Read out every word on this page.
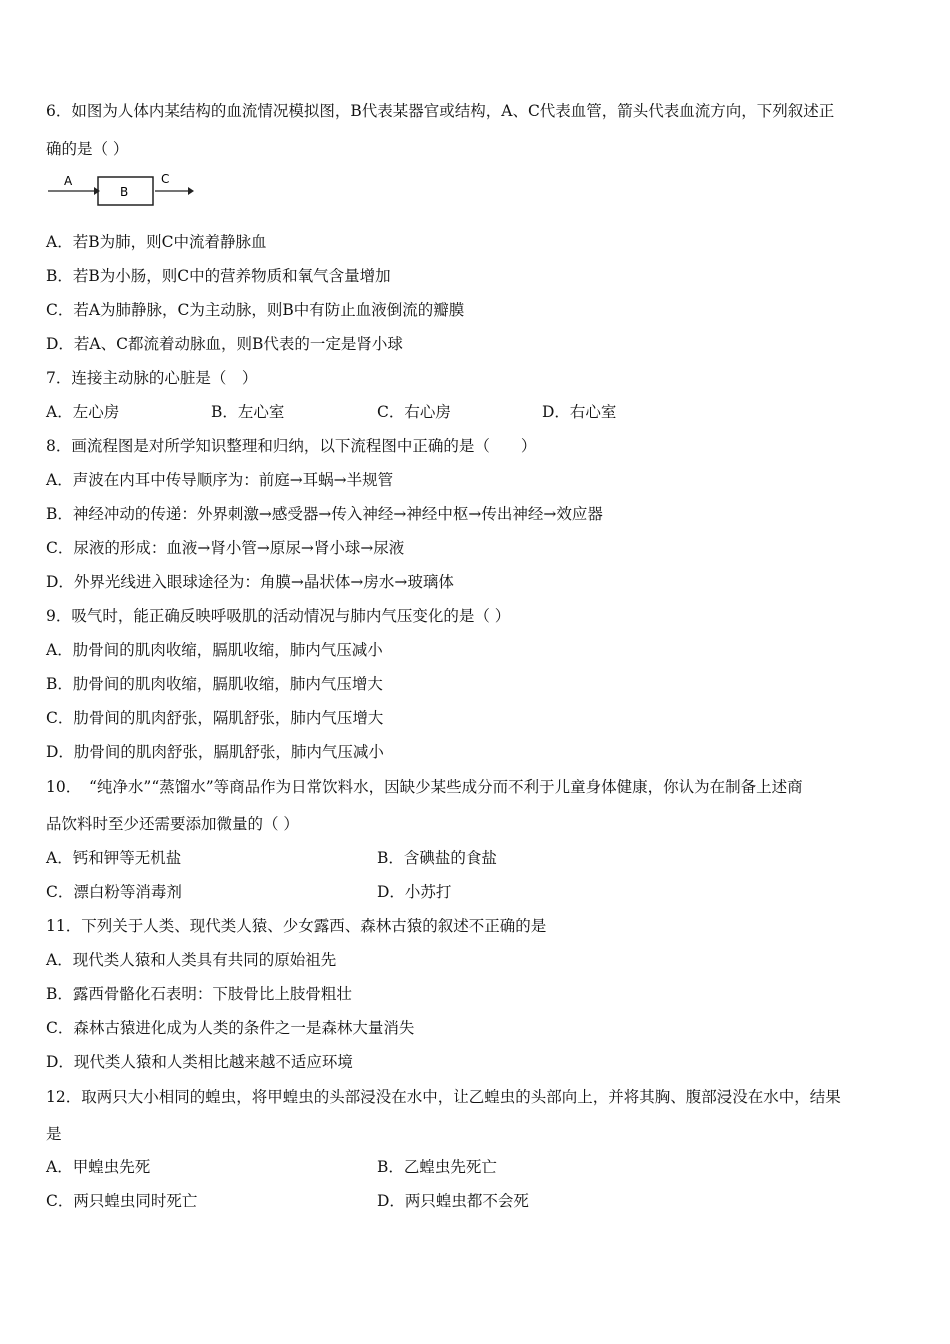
6．如图为人体内某结构的血流情况模拟图，B代表某器官或结构，A、C代表血管，箭头代表血流方向，下列叙述正
确的是（ ）
A
B
C
A．若B为肺，则C中流着静脉血
B．若B为小肠，则C中的营养物质和氧气含量增加
C．若A为肺静脉，C为主动脉，则B中有防止血液倒流的瓣膜
D．若A、C都流着动脉血，则B代表的一定是肾小球
7．连接主动脉的心脏是（　）
A．左心房	B．左心室	C．右心房	D．右心室
8．画流程图是对所学知识整理和归纳，以下流程图中正确的是（　　）
A．声波在内耳中传导顺序为：前庭→耳蜗→半规管
B．神经冲动的传递：外界刺激→感受器→传入神经→神经中枢→传出神经→效应器
C．尿液的形成：血液→肾小管→原尿→肾小球→尿液
D．外界光线进入眼球途径为：角膜→晶状体→房水→玻璃体
9．吸气时，能正确反映呼吸肌的活动情况与肺内气压变化的是（ ）
A．肋骨间的肌肉收缩，膈肌收缩，肺内气压减小
B．肋骨间的肌肉收缩，膈肌收缩，肺内气压增大
C．肋骨间的肌肉舒张，隔肌舒张，肺内气压增大
D．肋骨间的肌肉舒张，膈肌舒张，肺内气压减小
10．　“纯净水”“蒸馏水”等商品作为日常饮料水，因缺少某些成分而不利于儿童身体健康，你认为在制备上述商
品饮料时至少还需要添加微量的（ ）
A．钙和钾等无机盐	B．含碘盐的食盐
C．漂白粉等消毒剂	D．小苏打
11．下列关于人类、现代类人猿、少女露西、森林古猿的叙述不正确的是
A．现代类人猿和人类具有共同的原始祖先
B．露西骨骼化石表明：下肢骨比上肢骨粗壮
C．森林古猿进化成为人类的条件之一是森林大量消失
D．现代类人猿和人类相比越来越不适应环境
12．取两只大小相同的蝗虫，将甲蝗虫的头部浸没在水中，让乙蝗虫的头部向上，并将其胸、腹部浸没在水中，结果
是
A．甲蝗虫先死	B．乙蝗虫先死亡
C．两只蝗虫同时死亡	D．两只蝗虫都不会死
